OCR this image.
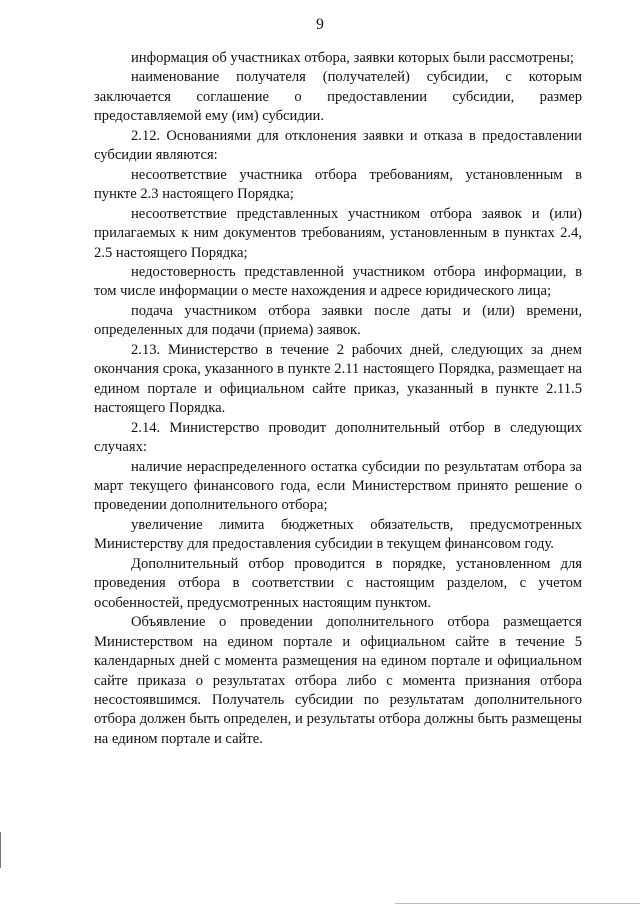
9

информация об участниках отбора, заявки которых были рассмотрены;

наименование получателя (получателей) субсидии, с которым заключается соглашение о предоставлении субсидии, размер предоставляемой ему (им) субсидии.

2.12. Основаниями для отклонения заявки и отказа в предоставлении субсидии являются:

несоответствие участника отбора требованиям, установленным в пункте 2.3 настоящего Порядка;

несоответствие представленных участником отбора заявок и (или) прилагаемых к ним документов требованиям, установленным в пунктах 2.4, 2.5 настоящего Порядка;

недостоверность представленной участником отбора информации, в том числе информации о месте нахождения и адресе юридического лица;

подача участником отбора заявки после даты и (или) времени, определенных для подачи (приема) заявок.

2.13. Министерство в течение 2 рабочих дней, следующих за днем окончания срока, указанного в пункте 2.11 настоящего Порядка, размещает на едином портале и официальном сайте приказ, указанный в пункте 2.11.5 настоящего Порядка.

2.14. Министерство проводит дополнительный отбор в следующих случаях:

наличие нераспределенного остатка субсидии по результатам отбора за март текущего финансового года, если Министерством принято решение о проведении дополнительного отбора;

увеличение лимита бюджетных обязательств, предусмотренных Министерству для предоставления субсидии в текущем финансовом году.

Дополнительный отбор проводится в порядке, установленном для проведения отбора в соответствии с настоящим разделом, с учетом особенностей, предусмотренных настоящим пунктом.

Объявление о проведении дополнительного отбора размещается Министерством на едином портале и официальном сайте в течение 5 календарных дней с момента размещения на едином портале и официальном сайте приказа о результатах отбора либо с момента признания отбора несостоявшимся. Получатель субсидии по результатам дополнительного отбора должен быть определен, и результаты отбора должны быть размещены на едином портале и сайте.
